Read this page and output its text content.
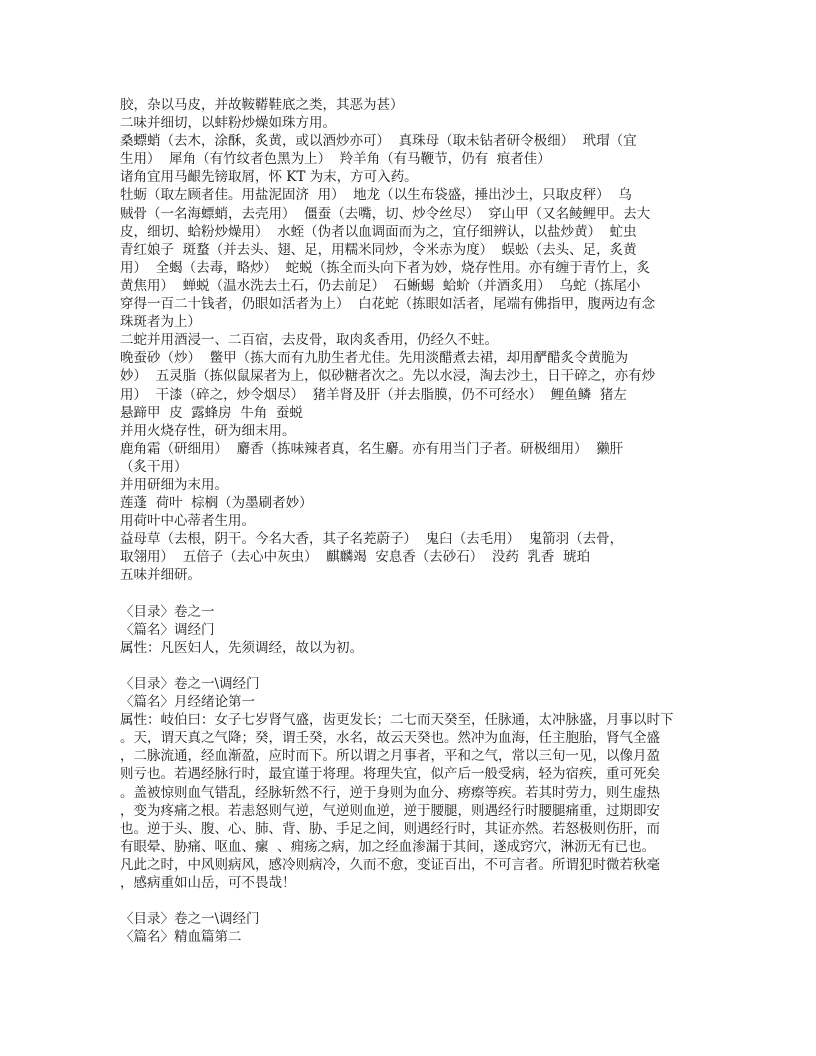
胶，杂以马皮，并故鞍鞯鞋底之类，其恶为甚）
二味并细切，以蚌粉炒燥如珠方用。
桑螵蛸（去木，涂酥，炙黄，或以酒炒亦可）  真珠母（取未钻者研令极细）  玳瑁（宜
生用）  犀角（有竹纹者色黑为上）  羚羊角（有马鞭节，仍有  痕者佳）
诸角宜用马齦先镑取屑，怀 KT 为末，方可入药。
牡蛎（取左顾者佳。用盐泥固济  用）  地龙（以生布袋盛，捶出沙土，只取皮秤）  乌
贼骨（一名海螵蛸，去壳用）  僵蚕（去嘴，切、炒令丝尽）  穿山甲（又名鲮鲤甲。去大
皮，细切、蛤粉炒燥用）  水蛭（伪者以血调面而为之，宜仔细辨认，以盐炒黄）  虻虫
青红娘子  斑蝥（并去头、翅、足，用糯米同炒，令米赤为度）  蜈蚣（去头、足，炙黄
用）  全蝎（去毒，略炒）  蛇蜕（拣全而头向下者为妙，烧存性用。亦有缠于青竹上，炙
黄焦用）  蝉蜕（温水洗去土石，仍去前足）  石蜥蜴  蛤蚧（并酒炙用）  乌蛇（拣尾小
穿得一百二十钱者，仍眼如活者为上）  白花蛇（拣眼如活者，尾端有佛指甲，腹两边有念
珠斑者为上）
二蛇并用酒浸一、二百宿，去皮骨，取肉炙香用，仍经久不蛀。
晚蚕砂（炒）  鳖甲（拣大而有九肋生者尤佳。先用淡醋煮去裙，却用酽醋炙令黄脆为
妙）  五灵脂（拣似鼠屎者为上，似砂糖者次之。先以水浸，淘去沙土，日干碎之，亦有炒
用）  干漆（碎之，炒令烟尽）  猪羊肾及肝（并去脂膜，仍不可经水）  鲤鱼鳞  猪左
悬蹄甲  皮  露蜂房  牛角  蚕蜕
并用火烧存性，研为细末用。
鹿角霜（研细用）  麝香（拣味辣者真，名生麝。亦有用当门子者。研极细用）  獭肝
（炙干用）
并用研细为末用。
莲蓬  荷叶  棕榈（为墨刷者妙）
用荷叶中心蒂者生用。
益母草（去根，阴干。今名大香，其子名茺蔚子）  鬼臼（去毛用）  鬼箭羽（去骨，
取翎用）  五倍子（去心中灰虫）  麒麟竭  安息香（去砂石）  没药  乳香  琥珀
五味并细研。
〈目录〉卷之一
〈篇名〉调经门
属性：凡医妇人，先须调经，故以为初。
〈目录〉卷之一\调经门
〈篇名〉月经绪论第一
属性：岐伯曰：女子七岁肾气盛，齿更发长；二七而天癸至，任脉通，太冲脉盛，月事以时下
。天，谓天真之气降；癸，谓壬癸，水名，故云天癸也。然冲为血海，任主胞胎，肾气全盛
，二脉流通，经血渐盈，应时而下。所以谓之月事者，平和之气，常以三旬一见，以像月盈
则亏也。若遇经脉行时，最宜谨于将理。将理失宜，似产后一般受病，轻为宿疾，重可死矣
。盖被惊则血气错乱，经脉斩然不行，逆于身则为血分、痨瘵等疾。若其时劳力，则生虚热
，变为疼痛之根。若恚怒则气逆，气逆则血逆，逆于腰腿，则遇经行时腰腿痛重，过期即安
也。逆于头、腹、心、肺、背、胁、手足之间，则遇经行时，其证亦然。若怒极则伤肝，而
有眼晕、胁痛、呕血、瘰  、痈疡之病，加之经血渗漏于其间，遂成窍穴，淋沥无有已也。
凡此之时，中风则病风，感冷则病冷，久而不愈，变证百出，不可言者。所谓犯时微若秋毫
，感病重如山岳，可不畏哉！
〈目录〉卷之一\调经门
〈篇名〉精血篇第二
